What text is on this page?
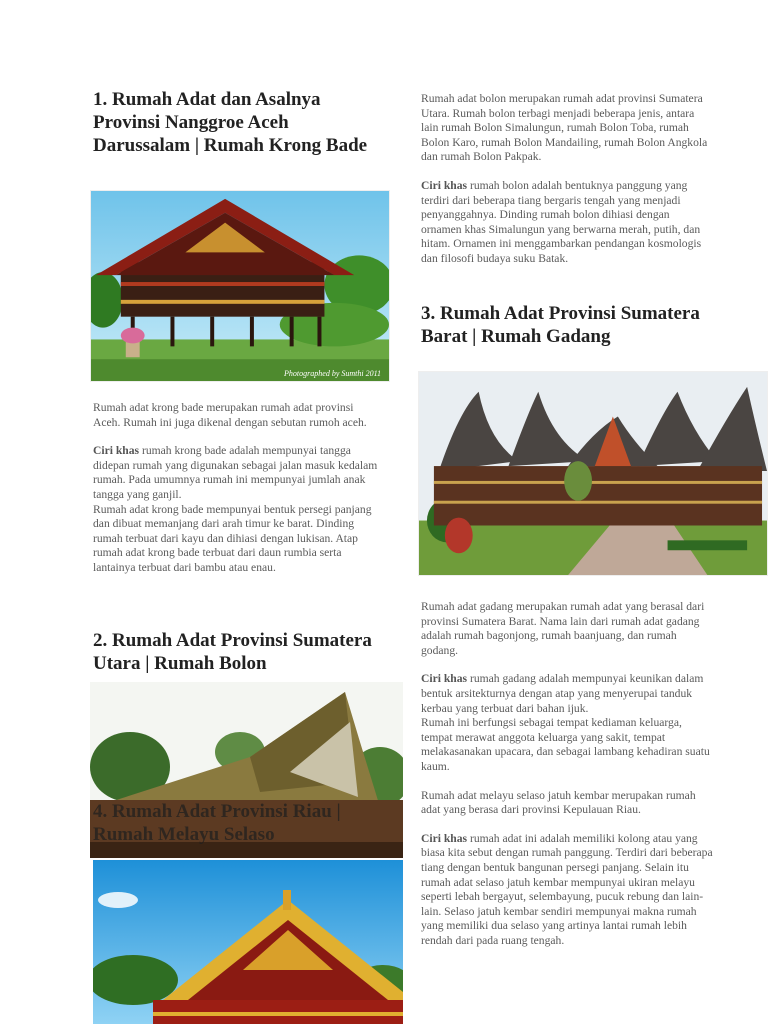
1. Rumah Adat dan Asalnya Provinsi Nanggroe Aceh Darussalam | Rumah Krong Bade
Photographed by Sumthi 2011

Rumah adat krong bade merupakan rumah adat provinsi Aceh. Rumah ini juga dikenal dengan sebutan rumoh aceh.

Ciri khas rumah krong bade adalah mempunyai tangga didepan rumah yang digunakan sebagai jalan masuk kedalam rumah. Pada umumnya rumah ini mempunyai jumlah anak tangga yang ganjil.

Rumah adat krong bade mempunyai bentuk persegi panjang dan dibuat memanjang dari arah timur ke barat. Dinding rumah terbuat dari kayu dan dihiasi dengan lukisan. Atap rumah adat krong bade terbuat dari daun rumbia serta lantainya terbuat dari bambu atau enau.

2. Rumah Adat Provinsi Sumatera Utara | Rumah Bolon
4. Rumah Adat Provinsi Riau | Rumah Melayu Selaso

Rumah adat bolon merupakan rumah adat provinsi Sumatera Utara. Rumah bolon terbagi menjadi beberapa jenis, antara lain rumah Bolon Simalungun, rumah Bolon Toba, rumah Bolon Karo, rumah Bolon Mandailing, rumah Bolon Angkola dan rumah Bolon Pakpak.

Ciri khas rumah bolon adalah bentuknya panggung yang terdiri dari beberapa tiang bergaris tengah yang menjadi penyanggahnya. Dinding rumah bolon dihiasi dengan ornamen khas Simalungun yang berwarna merah, putih, dan hitam. Ornamen ini menggambarkan pendangan kosmologis dan filosofi budaya suku Batak.

3. Rumah Adat Provinsi Sumatera Barat | Rumah Gadang

Rumah adat gadang merupakan rumah adat yang berasal dari provinsi Sumatera Barat. Nama lain dari rumah adat gadang adalah rumah bagonjong, rumah baanjuang, dan rumah godang.

Ciri khas rumah gadang adalah mempunyai keunikan dalam bentuk arsitekturnya dengan atap yang menyerupai tanduk kerbau yang terbuat dari bahan ijuk.

Rumah ini berfungsi sebagai tempat kediaman keluarga, tempat merawat anggota keluarga yang sakit, tempat melakasanakan upacara, dan sebagai lambang kehadiran suatu kaum.

Rumah adat melayu selaso jatuh kembar merupakan rumah adat yang berasa dari provinsi Kepulauan Riau.

Ciri khas rumah adat ini adalah memiliki kolong atau yang biasa kita sebut dengan rumah panggung. Terdiri dari beberapa tiang dengan bentuk bangunan persegi panjang. Selain itu rumah adat selaso jatuh kembar mempunyai ukiran melayu seperti lebah bergayut, selembayung, pucuk rebung dan lain-lain. Selaso jatuh kembar sendiri mempunyai makna rumah yang memiliki dua selaso yang artinya lantai rumah lebih rendah dari pada ruang tengah.
